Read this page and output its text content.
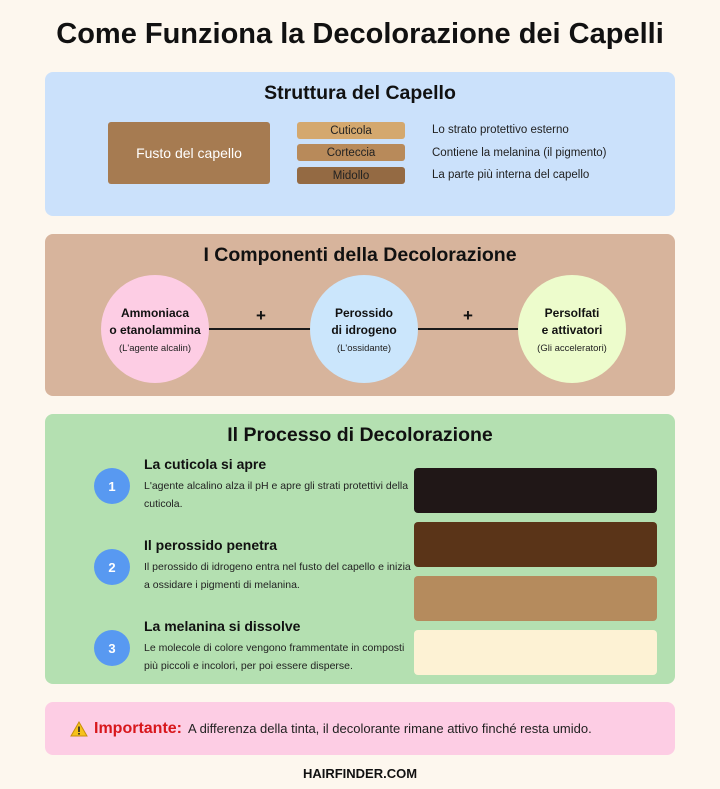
Come Funziona la Decolorazione dei Capelli
Struttura del Capello
Fusto del capello
Cuticola	Lo strato protettivo esterno
Corteccia	Contiene la melanina (il pigmento)
Midollo	La parte più interna del capello
I Componenti della Decolorazione
+	+
Ammoniaca
o etanolammina
(L'agente alcalin)
Perossido
di idrogeno
(L'ossidante)
Persolfati
e attivatori
(Gli acceleratori)
Il Processo di Decolorazione
1
La cuticola si apre
L'agente alcalino alza il pH e apre gli strati protettivi della cuticola.
2
Il perossido penetra
Il perossido di idrogeno entra nel fusto del capello e inizia a ossidare i pigmenti di melanina.
3
La melanina si dissolve
Le molecole di colore vengono frammentate in composti più piccoli e incolori, per poi essere disperse.
Importante: A differenza della tinta, il decolorante rimane attivo finché resta umido.
HAIRFINDER.COM
